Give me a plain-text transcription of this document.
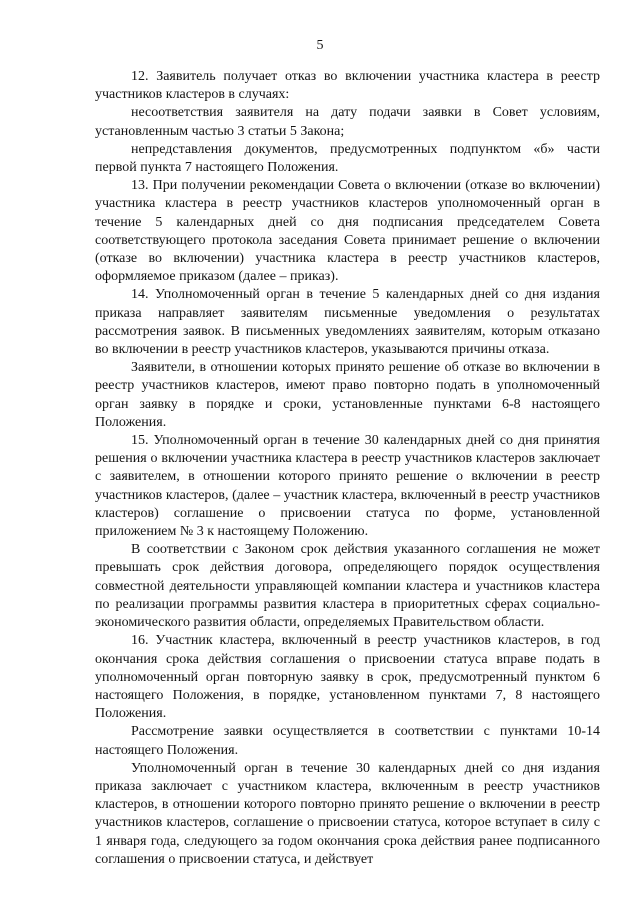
5

12. Заявитель получает отказ во включении участника кластера в реестр участников кластеров в случаях:

несоответствия заявителя на дату подачи заявки в Совет условиям, установленным частью 3 статьи 5 Закона;

непредставления документов, предусмотренных подпунктом «б» части первой пункта 7 настоящего Положения.

13. При получении рекомендации Совета о включении (отказе во включении) участника кластера в реестр участников кластеров уполномоченный орган в течение 5 календарных дней со дня подписания председателем Совета соответствующего протокола заседания Совета принимает решение о включении (отказе во включении) участника кластера в реестр участников кластеров, оформляемое приказом (далее – приказ).

14. Уполномоченный орган в течение 5 календарных дней со дня издания приказа направляет заявителям письменные уведомления о результатах рассмотрения заявок. В письменных уведомлениях заявителям, которым отказано во включении в реестр участников кластеров, указываются причины отказа.

Заявители, в отношении которых принято решение об отказе во включении в реестр участников кластеров, имеют право повторно подать в уполномоченный орган заявку в порядке и сроки, установленные пунктами 6-8 настоящего Положения.

15. Уполномоченный орган в течение 30 календарных дней со дня принятия решения о включении участника кластера в реестр участников кластеров заключает с заявителем, в отношении которого принято решение о включении в реестр участников кластеров, (далее – участник кластера, включенный в реестр участников кластеров) соглашение о присвоении статуса по форме, установленной приложением № 3 к настоящему Положению.

В соответствии с Законом срок действия указанного соглашения не может превышать срок действия договора, определяющего порядок осуществления совместной деятельности управляющей компании кластера и участников кластера по реализации программы развития кластера в приоритетных сферах социально-экономического развития области, определяемых Правительством области.

16. Участник кластера, включенный в реестр участников кластеров, в год окончания срока действия соглашения о присвоении статуса вправе подать в уполномоченный орган повторную заявку в срок, предусмотренный пунктом 6 настоящего Положения, в порядке, установленном пунктами 7, 8 настоящего Положения.

Рассмотрение заявки осуществляется в соответствии с пунктами 10-14 настоящего Положения.

Уполномоченный орган в течение 30 календарных дней со дня издания приказа заключает с участником кластера, включенным в реестр участников кластеров, в отношении которого повторно принято решение о включении в реестр участников кластеров, соглашение о присвоении статуса, которое вступает в силу с 1 января года, следующего за годом окончания срока действия ранее подписанного соглашения о присвоении статуса, и действует
